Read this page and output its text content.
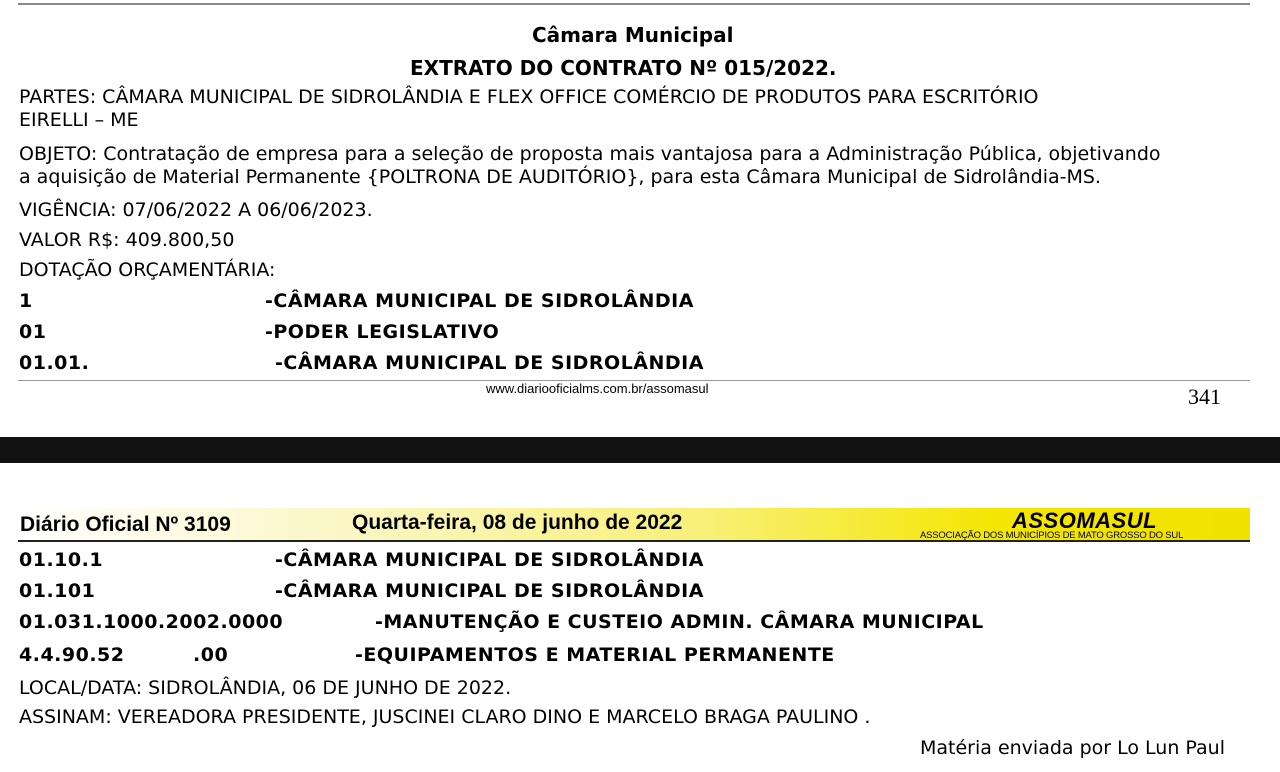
Câmara Municipal
EXTRATO DO CONTRATO Nº 015/2022.
PARTES: CÂMARA MUNICIPAL DE SIDROLÂNDIA E FLEX OFFICE COMÉRCIO DE PRODUTOS PARA ESCRITÓRIO
EIRELLI – ME
OBJETO: Contratação de empresa para a seleção de proposta mais vantajosa para a Administração Pública, objetivando
a aquisição de Material Permanente {POLTRONA DE AUDITÓRIO}, para esta Câmara Municipal de Sidrolândia-MS.
VIGÊNCIA: 07/06/2022 A 06/06/2023.
VALOR R$: 409.800,50
DOTAÇÃO ORÇAMENTÁRIA:
1	-CÂMARA MUNICIPAL DE SIDROLÂNDIA
01	-PODER LEGISLATIVO
01.01.	-CÂMARA MUNICIPAL DE SIDROLÂNDIA
www.diariooficialms.com.br/assomasul	341
Diário Oficial Nº 3109	Quarta-feira, 08 de junho de 2022	ASSOMASUL
ASSOCIAÇÃO DOS MUNICÍPIOS DE MATO GROSSO DO SUL
01.10.1	-CÂMARA MUNICIPAL DE SIDROLÂNDIA
01.101	-CÂMARA MUNICIPAL DE SIDROLÂNDIA
01.031.1000.2002.0000	-MANUTENÇÃO E CUSTEIO ADMIN. CÂMARA MUNICIPAL
4.4.90.52	.00	-EQUIPAMENTOS E MATERIAL PERMANENTE
LOCAL/DATA: SIDROLÂNDIA, 06 DE JUNHO DE 2022.
ASSINAM: VEREADORA PRESIDENTE, JUSCINEI CLARO DINO E MARCELO BRAGA PAULINO .
Matéria enviada por Lo Lun Paul
